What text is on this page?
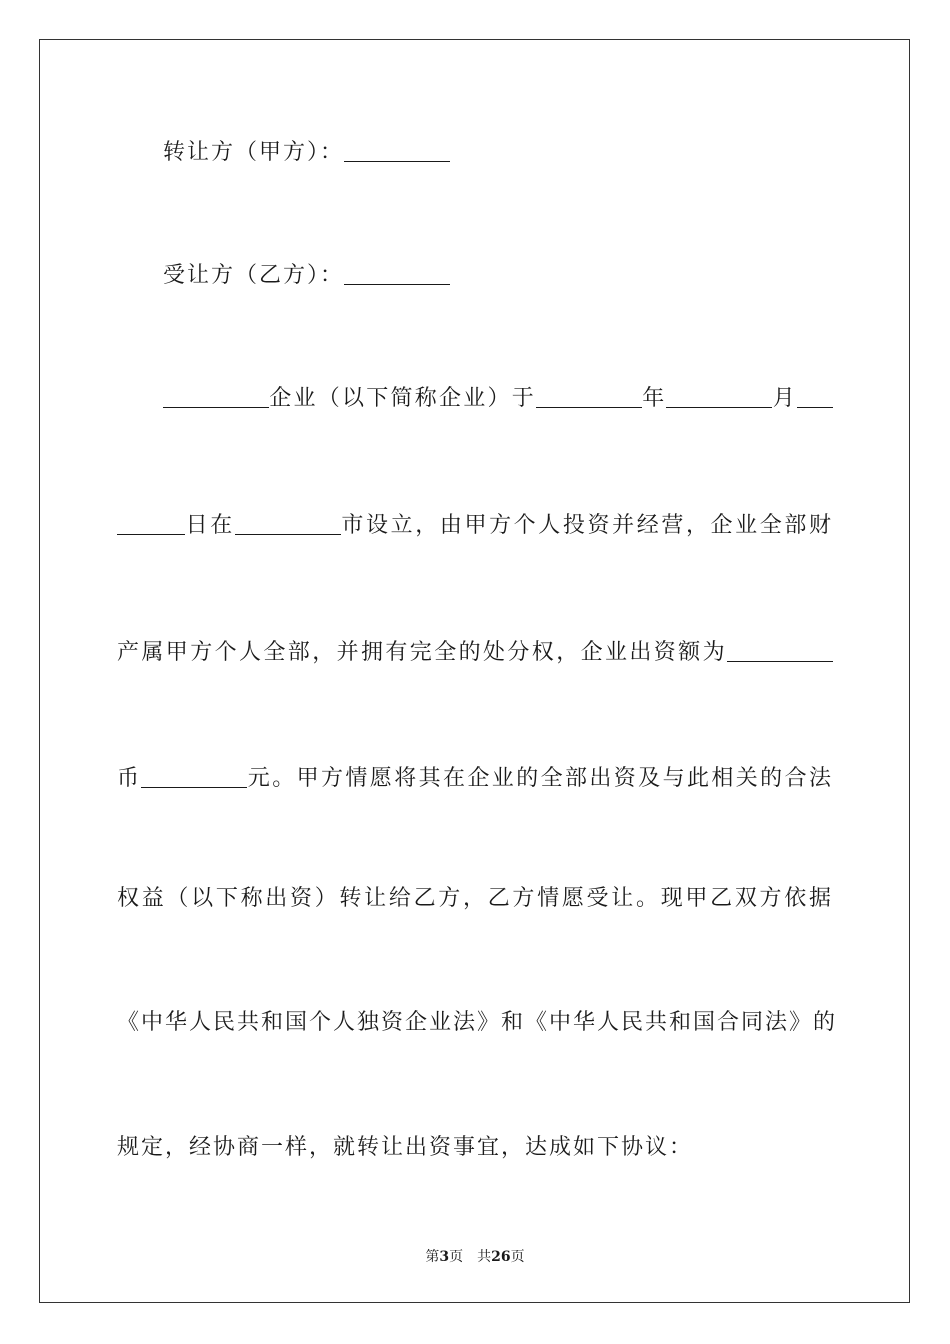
转让方（甲方）：
受让方（乙方）：
企业（以下简称企业）于	年	月
日在	市设立，由甲方个人投资并经营，企业全部财
产属甲方个人全部，并拥有完全的处分权，企业出资额为
币	元。甲方情愿将其在企业的全部出资及与此相关的合法
权益（以下称出资）转让给乙方，乙方情愿受让。现甲乙双方依据
《中华人民共和国个人独资企业法》和《中华人民共和国合同法》的
规定，经协商一样，就转让出资事宜，达成如下协议：
第3页 共26页
